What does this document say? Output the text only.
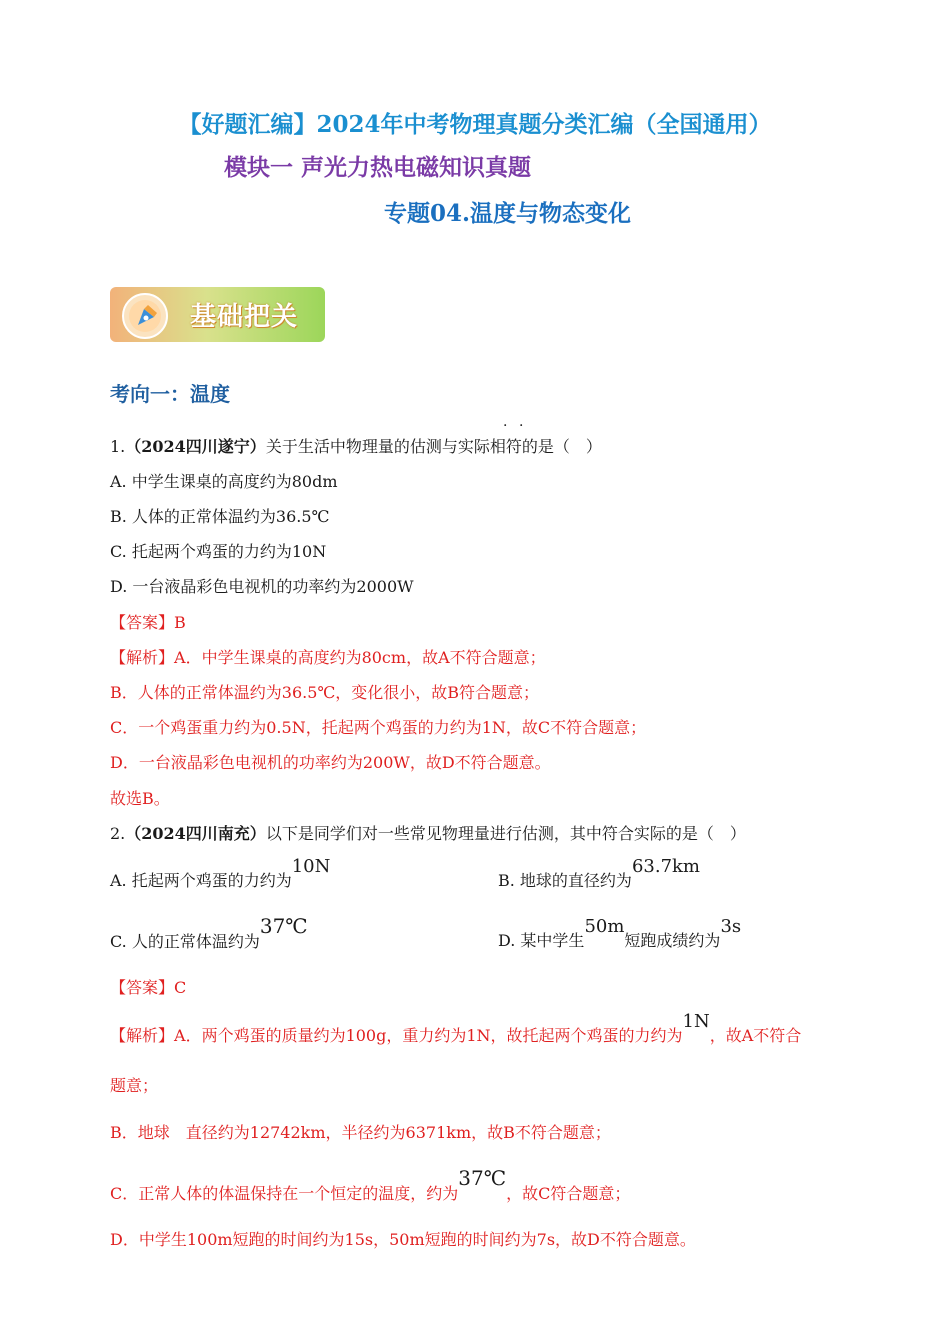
【好题汇编】2024年中考物理真题分类汇编（全国通用）
模块一 声光力热电磁知识真题
专题04.温度与物态变化
基础把关
考向一：温度
1.（2024四川遂宁）关于生活中物理量的估测与实际相符的是（　）
· ·
A. 中学生课桌的高度约为80dm
B. 人体的正常体温约为36.5℃
C. 托起两个鸡蛋的力约为10N
D. 一台液晶彩色电视机的功率约为2000W
【答案】B
【解析】A．中学生课桌的高度约为80cm，故A不符合题意；
B．人体的正常体温约为36.5℃，变化很小，故B符合题意；
C．一个鸡蛋重力约为0.5N，托起两个鸡蛋的力约为1N，故C不符合题意；
D．一台液晶彩色电视机的功率约为200W，故D不符合题意。
故选B。
2.（2024四川南充）以下是同学们对一些常见物理量进行估测，其中符合实际的是（　）
A. 托起两个鸡蛋的力约为10N
B. 地球的直径约为63.7km
C. 人的正常体温约为37℃
D. 某中学生50m短跑成绩约为3s
【答案】C
【解析】A．两个鸡蛋的质量约为100g，重力约为1N，故托起两个鸡蛋的力约为1N，故A不符合
题意；
B．地球　直径约为12742km，半径约为6371km，故B不符合题意；
C．正常人体的体温保持在一个恒定的温度，约为37℃，故C符合题意；
D．中学生100m短跑的时间约为15s，50m短跑的时间约为7s，故D不符合题意。
